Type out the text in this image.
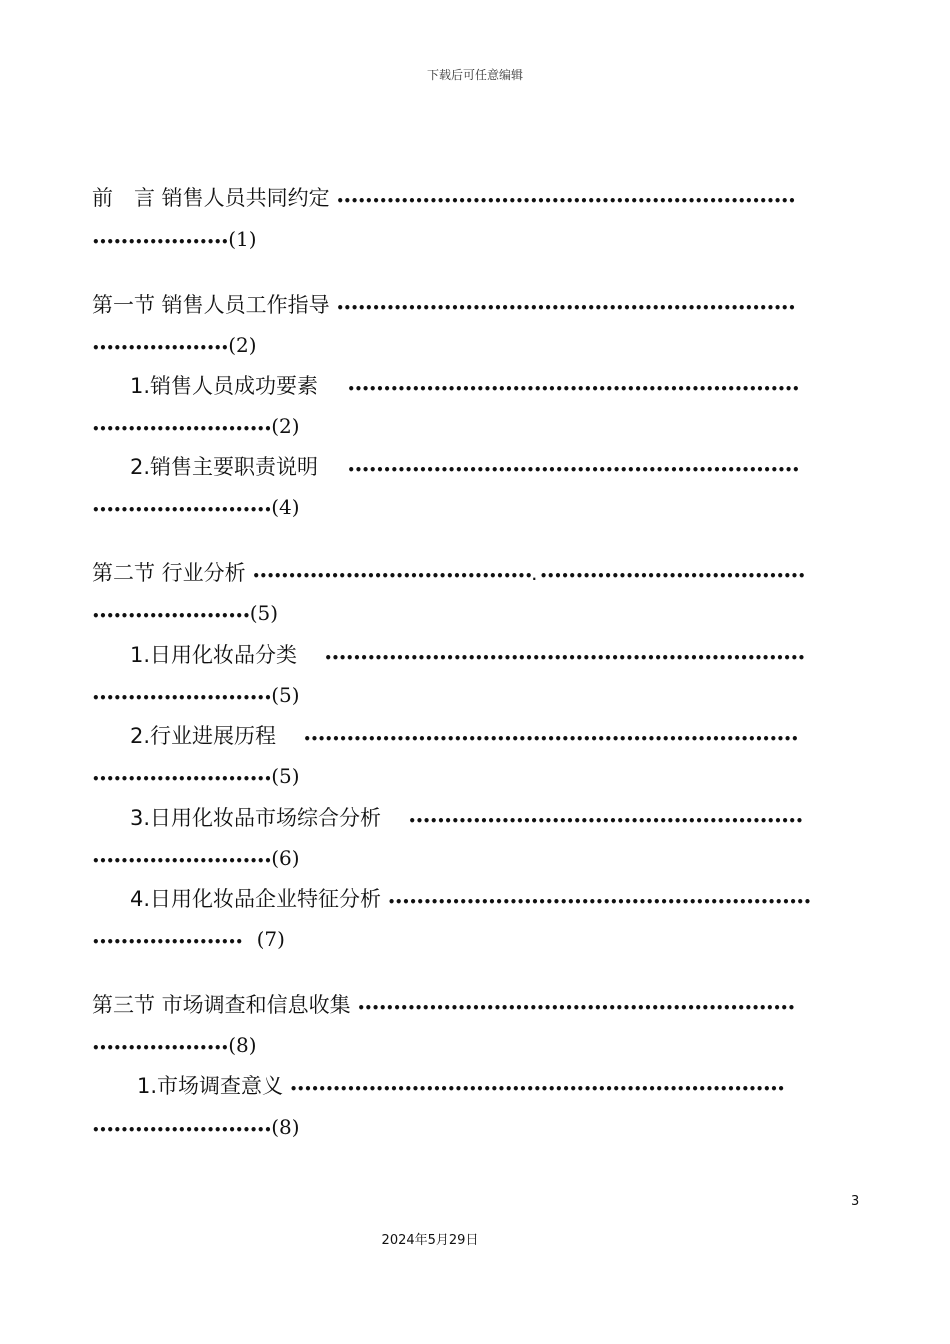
下载后可任意编辑
前　言 销售人员共同约定 ••••••••••••••••••••••••••••••••••••••••••••••••••••••••••••••••
•••••••••••••••••••(1)
第一节 销售人员工作指导 ••••••••••••••••••••••••••••••••••••••••••••••••••••••••••••••••
•••••••••••••••••••(2)
1.销售人员成功要素 •••••••••••••••••••••••••••••••••••••••••••••••••••••••••••••••
•••••••••••••••••••••••••(2)
2.销售主要职责说明 •••••••••••••••••••••••••••••••••••••••••••••••••••••••••••••••
•••••••••••••••••••••••••(4)
第二节 行业分析 •••••••••••••••••••••••••••••••••••••••. •••••••••••••••••••••••••••••••••••••
••••••••••••••••••••••(5)
1.日用化妆品分类 •••••••••••••••••••••••••••••••••••••••••••••••••••••••••••••••••••
•••••••••••••••••••••••••(5)
2.行业进展历程 •••••••••••••••••••••••••••••••••••••••••••••••••••••••••••••••••••••
•••••••••••••••••••••••••(5)
3.日用化妆品市场综合分析 •••••••••••••••••••••••••••••••••••••••••••••••••••••••
•••••••••••••••••••••••••(6)
4.日用化妆品企业特征分析 •••••••••••••••••••••••••••••••••••••••••••••••••••••••••••
••••••••••••••••••••• (7)
第三节 市场调查和信息收集 •••••••••••••••••••••••••••••••••••••••••••••••••••••••••••••
•••••••••••••••••••(8)
1.市场调查意义 •••••••••••••••••••••••••••••••••••••••••••••••••••••••••••••••••••••
•••••••••••••••••••••••••(8)
3
2024年5月29日
